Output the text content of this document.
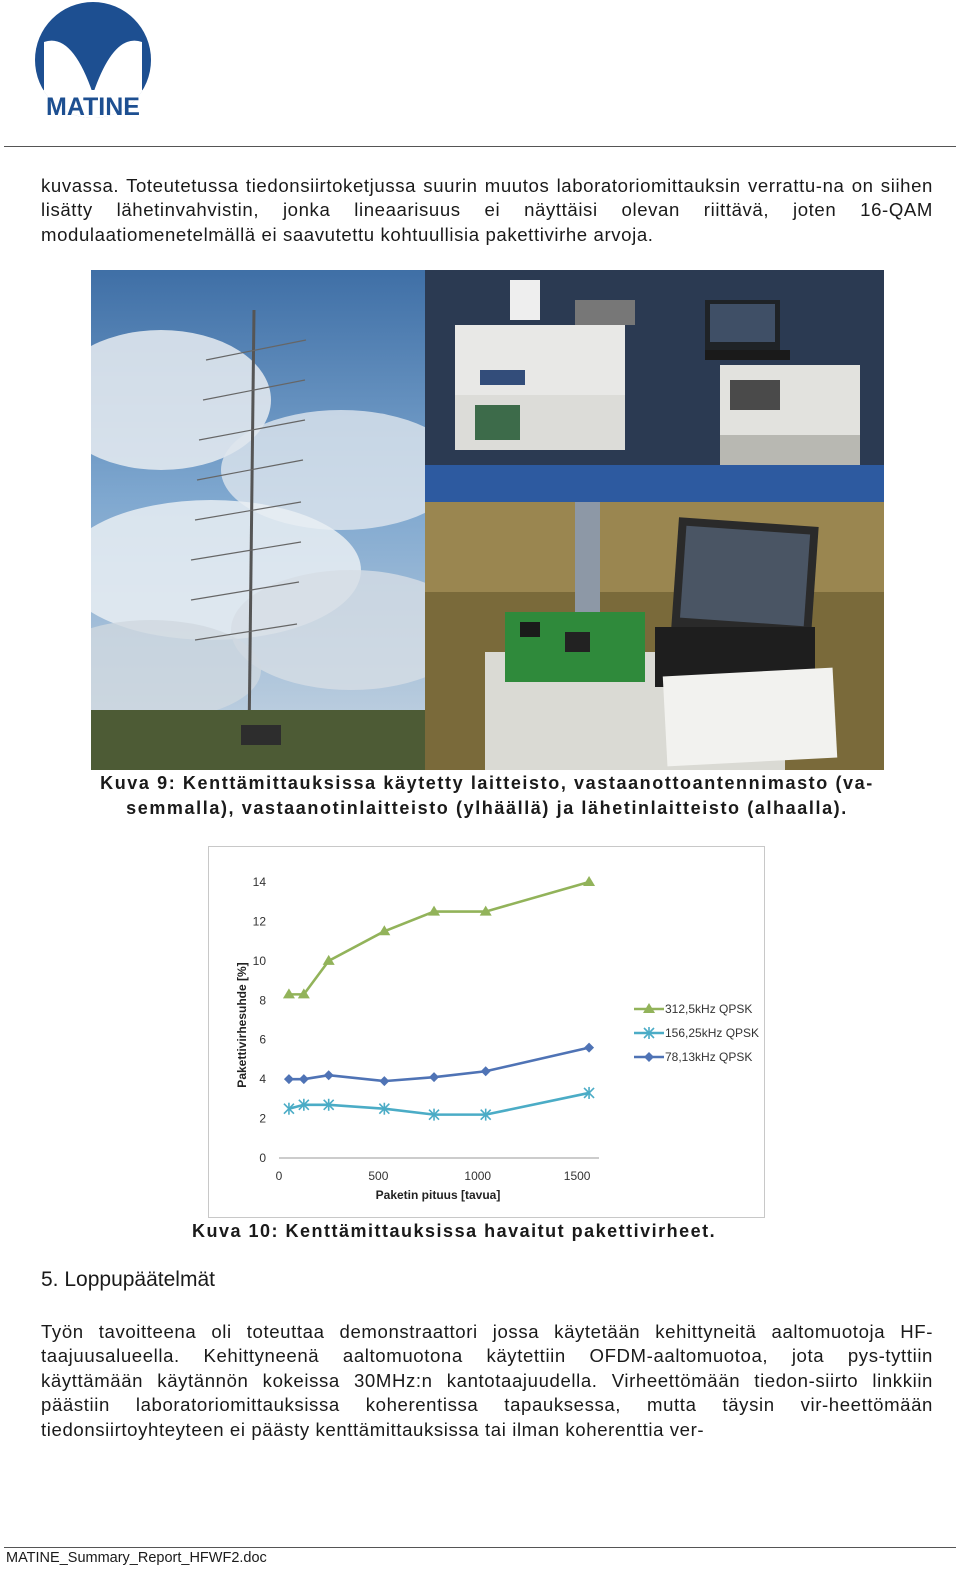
MATINE

kuvassa. Toteutetussa tiedonsiirtoketjussa suurin muutos laboratoriomittauksin verrattu-na on siihen lisätty lähetinvahvistin, jonka lineaarisuus ei näyttäisi olevan riittävä, joten 16-QAM modulaatiomenetelmällä ei saavutettu kohtuullisia pakettivirhe arvoja.

Kuva 9: Kenttämittauksissa käytetty laitteisto, vastaanottoantennimasto (va-
semmalla), vastaanotinlaitteisto (ylhäällä) ja lähetinlaitteisto (alhaalla).

0
2
4
6
8
10
12
14
0	500	1000	1500
312,5kHz QPSK
156,25kHz QPSK
78,13kHz QPSK
Pakettivirhesuhde [%]
Paketin pituus [tavua]
Kuva 10: Kenttämittauksissa havaitut pakettivirheet.
5. Loppupäätelmät

Työn tavoitteena oli toteuttaa demonstraattori jossa käytetään kehittyneitä aaltomuotoja HF-taajuusalueella. Kehittyneenä aaltomuotona käytettiin OFDM-aaltomuotoa, jota pys-tyttiin käyttämään käytännön kokeissa 30MHz:n kantotaajuudella. Virheettömään tiedon-siirto linkkiin päästiin laboratoriomittauksissa koherentissa tapauksessa, mutta täysin vir-heettömään tiedonsiirtoyhteyteen ei päästy kenttämittauksissa tai ilman koherenttia ver-

MATINE_Summary_Report_HFWF2.doc
